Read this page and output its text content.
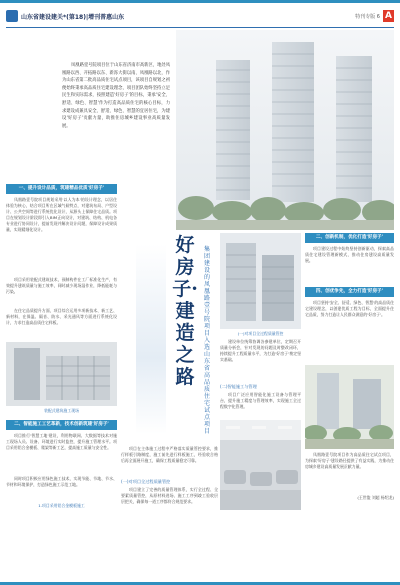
山东省建设建关*(第18)|增刊普惠山东	特刊专版 6 A
凤凰路壹号院项目位于山东省济南市高新区，地处凤凰路以西、开拓路以东、新泺大街以南、凤凰路以北，作为山东省第二批高品质住宅试点项目，该项目自规划之初便始终秉承高品质住宅建设理念，项目团队始终坚持立足民生和实际需求，按照建造'好房子'的目标，秉承'安全、舒适、绿色、智慧'作为打造高品质住宅的核心目标，力求建设成兼具安全、舒适、绿色、智慧的宜居住宅，为建设'好房子'贡献力量，助推住房城乡建设事业高质量发展。
一、提升设计品质，筑建精品优质'好房子'
凤凰路壹号院项目规划采用'以人为本'的设计理念，以居住体验为核心，结合项目所在区域气候特点，对建筑布局、户型设计、公共空间等进行系统优化设计，从源头上保障住宅品质。项目在规划设计阶段即引入BIM正向设计，对建筑、结构、机电各专业进行协同设计，提前发现并解决设计问题，保障设计成果质量，实现精细化设计。
项目采用装配式建筑技术，预制构件在工厂标准化生产，有效提升建筑质量与施工效率，同时减少现场湿作业，降低能耗与污染。
在住宅品质提升方面，项目综合运用多项新技术、新工艺、新材料，在保温、隔音、防水、采光通风等方面进行系统化设计，力求打造高品质住宅样板。
装配式建筑施工现场
二、智能施工工艺革新，技术创新筑建'好房子'
项目推行'智慧工地'建设，利用物联网、大数据等技术对施工现场人员、设备、环境进行实时监控，提升施工管理水平。项目采用铝合金模板、爬架等新工艺，提高施工质量与安全性。
同时项目积极应用绿色施工技术，实现节能、节地、节水、节材和环境保护，打造绿色施工示范工地。
1.项目采用铝合金模板施工
好房子·建造之路
集团建设的凤凰路壹号院项目入选山东省高品质住宅试点项目
项目在主体施工过程中严格落实质量管控要求，推行样板引路制度，施工前先进行样板施工，经验收合格后再全面展开施工，确保工程质量稳定可靠。
(一)对项目全过程质量管控
项目建立了完善的质量管理体系，实行全过程、全要素质量管控，从原材料进场、施工工序到竣工验收层层把关，确保每一道工序都符合规范要求。
(一)对项目全过程质量管控
建设单位统筹协调各参建单位，定期召开质量分析会，针对发现的问题及时整改闭环，持续提升工程质量水平，为打造'好房子'奠定坚实基础。
(二)智能施工与管理
项目广泛应用智能化施工设备与管理平台，提升施工精度与管理效率，实现施工全过程数字化管理。
二、创新机制，优化打造'好房子'
项目建设过程中始终坚持创新驱动，探索高品质住宅建设管理新模式，推动住房建设高质量发展。
四、创优争先，全力打造'好房子'
项目坚持'安全、舒适、绿色、智慧'的高品质住宅建设理念，以创建优质工程为目标，全面提升住宅品质，努力打造让人民群众满意的'好房子'。
凤凰路壹号院项目作为高品质住宅试点项目，为探索'好房子'建设路径提供了有益实践，为推动住房城乡建设高质量发展贡献力量。
(王世俊 刘超 杨绍龙)
